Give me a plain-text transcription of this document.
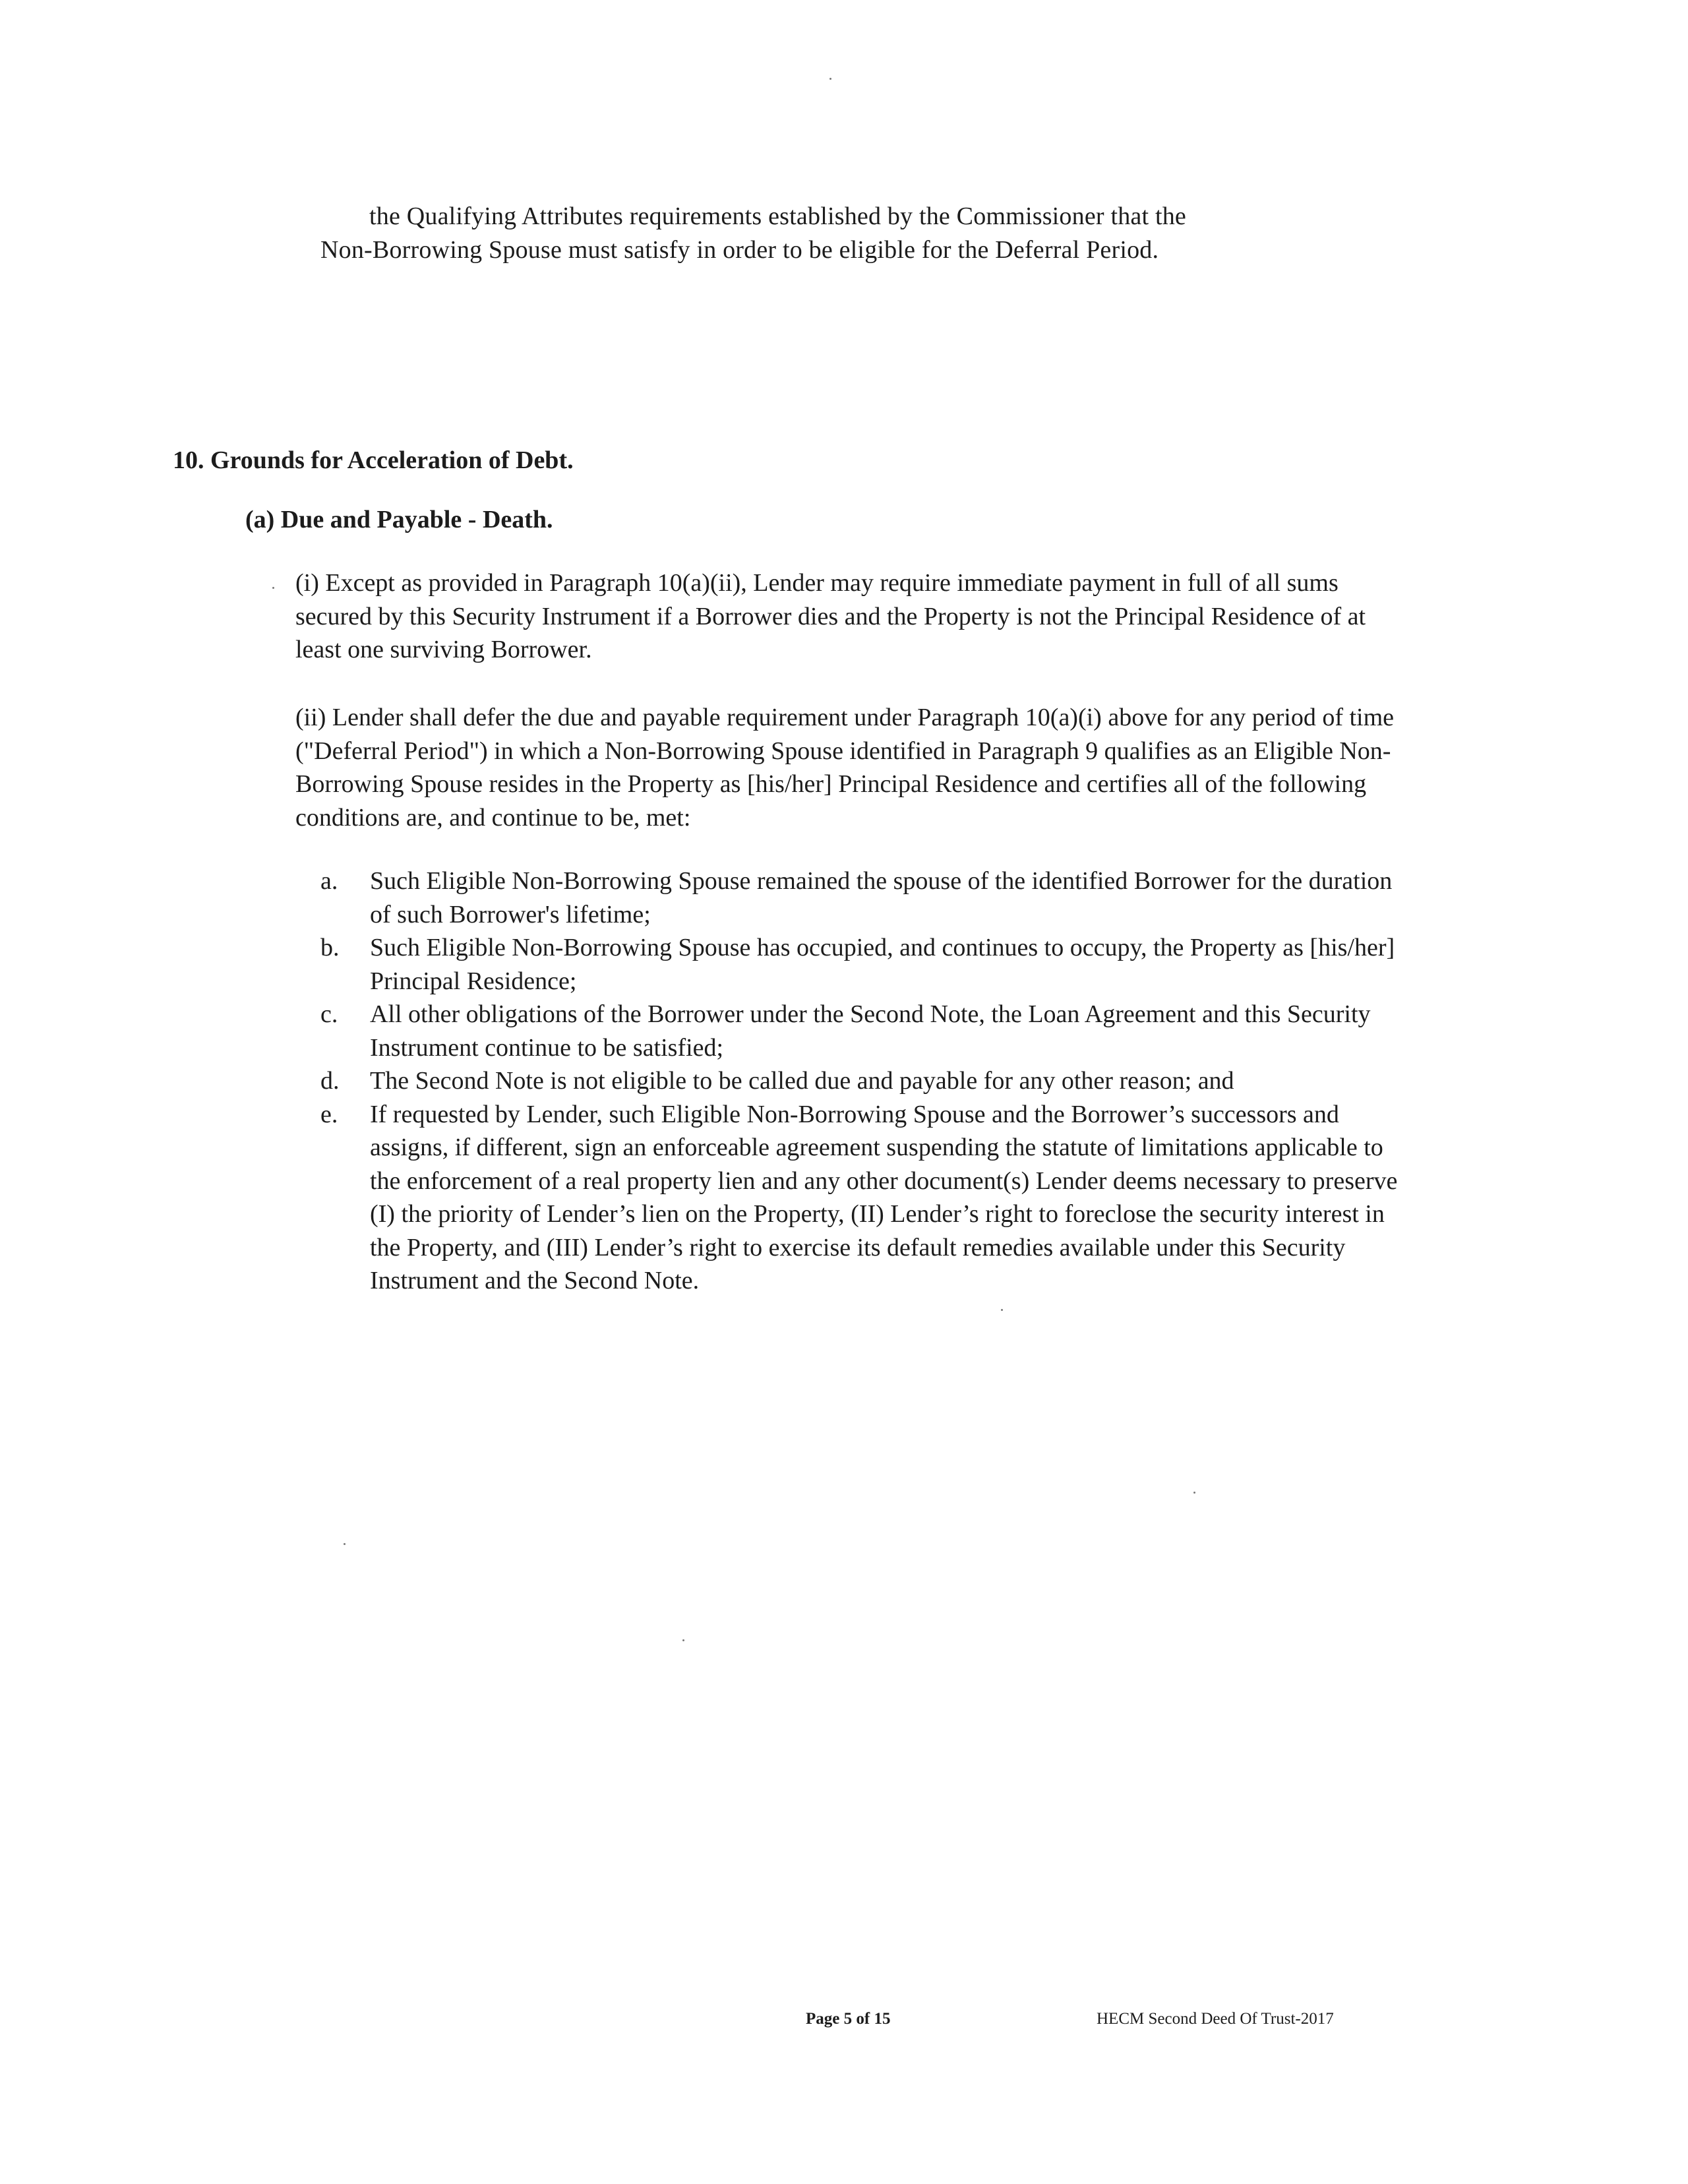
the Qualifying Attributes requirements established by the Commissioner that the
Non-Borrowing Spouse must satisfy in order to be eligible for the Deferral Period.
10. Grounds for Acceleration of Debt.
(a) Due and Payable - Death.
(i) Except as provided in Paragraph 10(a)(ii), Lender may require immediate payment in full of all sums secured by this Security Instrument if a Borrower dies and the Property is not the Principal Residence of at least one surviving Borrower.
(ii) Lender shall defer the due and payable requirement under Paragraph 10(a)(i) above for any period of time ("Deferral Period") in which a Non-Borrowing Spouse identified in Paragraph 9 qualifies as an Eligible Non-Borrowing Spouse resides in the Property as [his/her] Principal Residence and certifies all of the following conditions are, and continue to be, met:
a. Such Eligible Non-Borrowing Spouse remained the spouse of the identified Borrower for the duration of such Borrower's lifetime;
b. Such Eligible Non-Borrowing Spouse has occupied, and continues to occupy, the Property as [his/her] Principal Residence;
c. All other obligations of the Borrower under the Second Note, the Loan Agreement and this Security Instrument continue to be satisfied;
d. The Second Note is not eligible to be called due and payable for any other reason; and
e. If requested by Lender, such Eligible Non-Borrowing Spouse and the Borrower’s successors and assigns, if different, sign an enforceable agreement suspending the statute of limitations applicable to the enforcement of a real property lien and any other document(s) Lender deems necessary to preserve (I) the priority of Lender’s lien on the Property, (II) Lender’s right to foreclose the security interest in the Property, and (III) Lender’s right to exercise its default remedies available under this Security Instrument and the Second Note.
Page 5 of 15	HECM Second Deed Of Trust-2017
